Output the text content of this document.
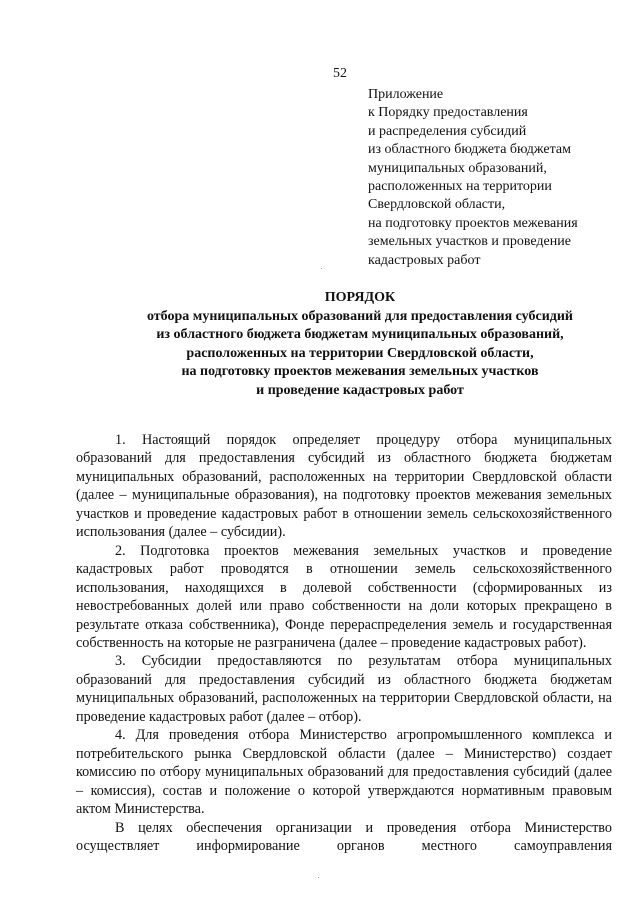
52
Приложение
к Порядку предоставления
и распределения субсидий
из областного бюджета бюджетам
муниципальных образований,
расположенных на территории
Свердловской области,
на подготовку проектов межевания
земельных участков и проведение
кадастровых работ
ПОРЯДОК
отбора муниципальных образований для предоставления субсидий
из областного бюджета бюджетам муниципальных образований,
расположенных на территории Свердловской области,
на подготовку проектов межевания земельных участков
и проведение кадастровых работ

1. Настоящий порядок определяет процедуру отбора муниципальных образований для предоставления субсидий из областного бюджета бюджетам муниципальных образований, расположенных на территории Свердловской области (далее – муниципальные образования), на подготовку проектов межевания земельных участков и проведение кадастровых работ в отношении земель сельскохозяйственного использования (далее – субсидии).

2. Подготовка проектов межевания земельных участков и проведение кадастровых работ проводятся в отношении земель сельскохозяйственного использования, находящихся в долевой собственности (сформированных из невостребованных долей или право собственности на доли которых прекращено в результате отказа собственника), Фонде перераспределения земель и государственная собственность на которые не разграничена (далее – проведение кадастровых работ).

3. Субсидии предоставляются по результатам отбора муниципальных образований для предоставления субсидий из областного бюджета бюджетам муниципальных образований, расположенных на территории Свердловской области, на проведение кадастровых работ (далее – отбор).

4. Для проведения отбора Министерство агропромышленного комплекса и потребительского рынка Свердловской области (далее – Министерство) создает комиссию по отбору муниципальных образований для предоставления субсидий (далее – комиссия), состав и положение о которой утверждаются нормативным правовым актом Министерства.

В целях обеспечения организации и проведения отбора Министерство осуществляет информирование органов местного самоуправления
